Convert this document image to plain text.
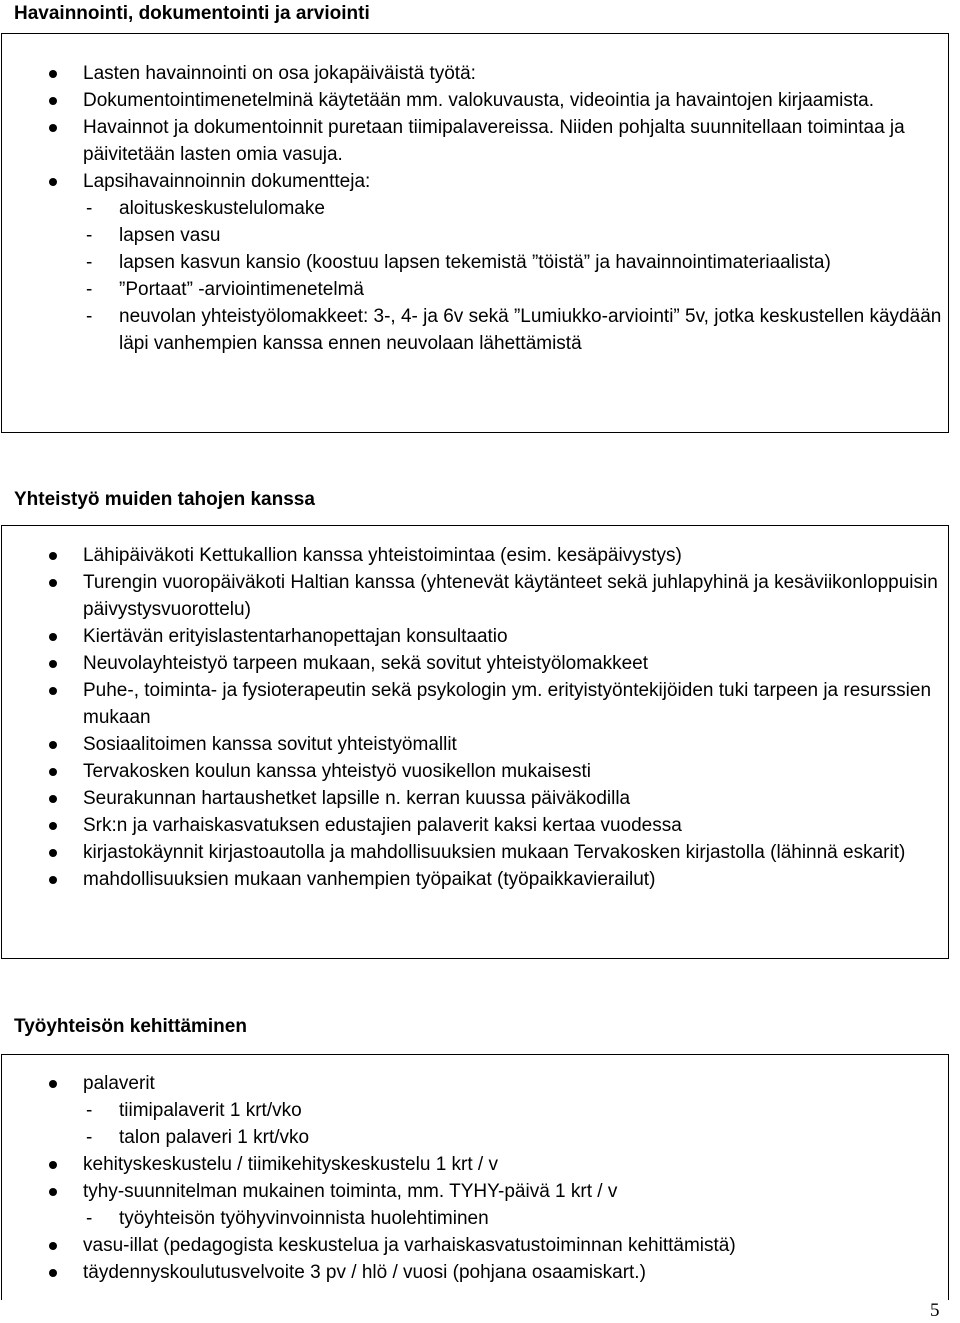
Havainnointi, dokumentointi ja arviointi
Lasten havainnointi on osa jokapäiväistä työtä:
Dokumentointimenetelminä käytetään mm. valokuvausta, videointia ja havaintojen kirjaamista.
Havainnot ja dokumentoinnit puretaan tiimipalavereissa. Niiden pohjalta suunnitellaan toimintaa ja päivitetään lasten omia vasuja.
Lapsihavainnoinnin dokumentteja:
- aloituskeskustelulomake
- lapsen vasu
- lapsen kasvun kansio (koostuu lapsen tekemistä ”töistä” ja havainnointimateriaalista)
- ”Portaat” -arviointimenetelmä
- neuvolan yhteistyölomakkeet: 3-, 4- ja 6v sekä ”Lumiukko-arviointi” 5v, jotka keskustellen käydään läpi vanhempien kanssa ennen neuvolaan lähettämistä
Yhteistyö muiden tahojen kanssa
Lähipäiväkoti Kettukallion kanssa yhteistoimintaa (esim. kesäpäivystys)
Turengin vuoropäiväkoti Haltian kanssa (yhtenevät käytänteet sekä juhlapyhinä ja kesäviikonloppuisin päivystysvuorottelu)
Kiertävän erityislastentarhanopettajan konsultaatio
Neuvolayhteistyö tarpeen mukaan, sekä sovitut yhteistyölomakkeet
Puhe-, toiminta- ja fysioterapeutin sekä psykologin ym. erityistyöntekijöiden tuki tarpeen ja resurssien mukaan
Sosiaalitoimen kanssa sovitut yhteistyömallit
Tervakosken koulun kanssa yhteistyö vuosikellon mukaisesti
Seurakunnan hartaushetket lapsille n. kerran kuussa päiväkodilla
Srk:n ja varhaiskasvatuksen edustajien palaverit kaksi kertaa vuodessa
kirjastokäynnit kirjastoautolla ja mahdollisuuksien mukaan Tervakosken kirjastolla (lähinnä eskarit)
mahdollisuuksien mukaan vanhempien työpaikat (työpaikkavierailut)
Työyhteisön kehittäminen
palaverit
- tiimipalaverit 1 krt/vko
- talon palaveri 1 krt/vko
kehityskeskustelu / tiimikehityskeskustelu 1 krt / v
tyhy-suunnitelman mukainen toiminta, mm. TYHY-päivä 1 krt / v
- työyhteisön työhyvinvoinnista huolehtiminen
vasu-illat (pedagogista keskustelua ja varhaiskasvatustoiminnan kehittämistä)
täydennyskoulutusvelvoite 3 pv / hlö / vuosi (pohjana osaamiskart.)
5
